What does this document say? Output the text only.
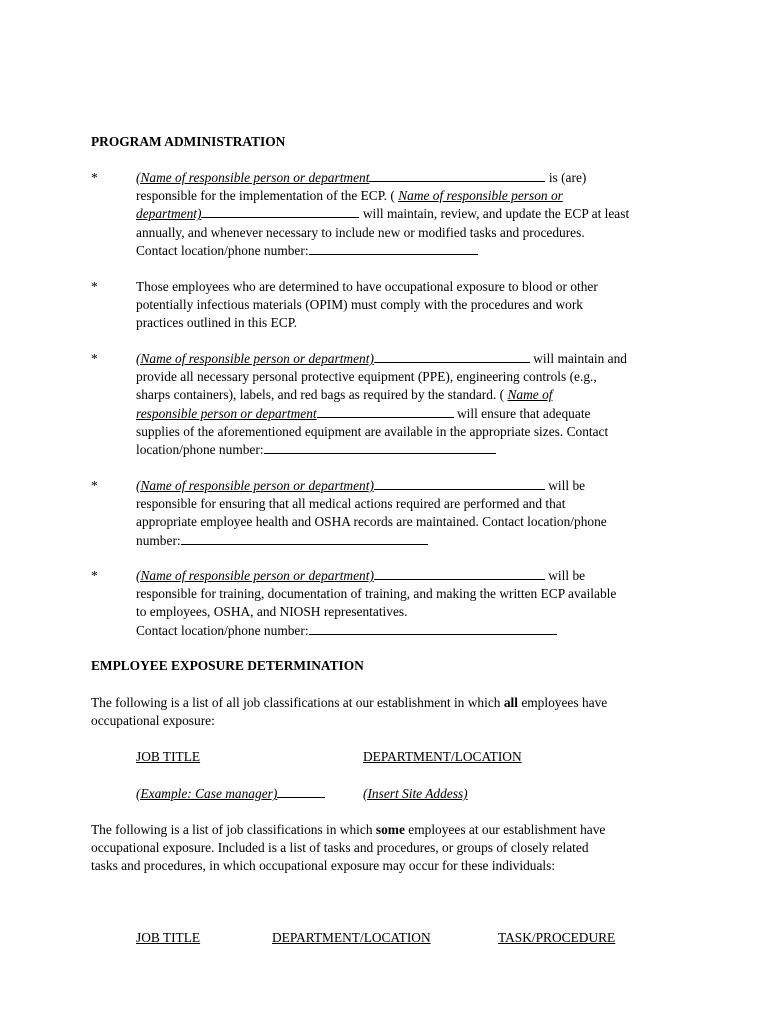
PROGRAM ADMINISTRATION
*	(Name of responsible person or department	is (are)
responsible for the implementation of the ECP. ( Name of responsible person or
department)	will maintain, review, and update the ECP at least
annually, and whenever necessary to include new or modified tasks and procedures.
Contact location/phone number:
*	Those employees who are determined to have occupational exposure to blood or other
potentially infectious materials (OPIM) must comply with the procedures and work
practices outlined in this ECP.
*	(Name of responsible person or department)	will maintain and
provide all necessary personal protective equipment (PPE), engineering controls (e.g.,
sharps containers), labels, and red bags as required by the standard. ( Name of
responsible person or department	will ensure that adequate
supplies of the aforementioned equipment are available in the appropriate sizes. Contact
location/phone number:
*	(Name of responsible person or department)	will be
responsible for ensuring that all medical actions required are performed and that
appropriate employee health and OSHA records are maintained. Contact location/phone
number:
*	(Name of responsible person or department)	will be
responsible for training, documentation of training, and making the written ECP available
to employees, OSHA, and NIOSH representatives.
Contact location/phone number:
EMPLOYEE EXPOSURE DETERMINATION
The following is a list of all job classifications at our establishment in which all employees have
occupational exposure:
JOB TITLE	DEPARTMENT/LOCATION
(Example: Case manager)	(Insert Site Addess)
The following is a list of job classifications in which some employees at our establishment have
occupational exposure. Included is a list of tasks and procedures, or groups of closely related
tasks and procedures, in which occupational exposure may occur for these individuals:
JOB TITLE	DEPARTMENT/LOCATION	TASK/PROCEDURE
